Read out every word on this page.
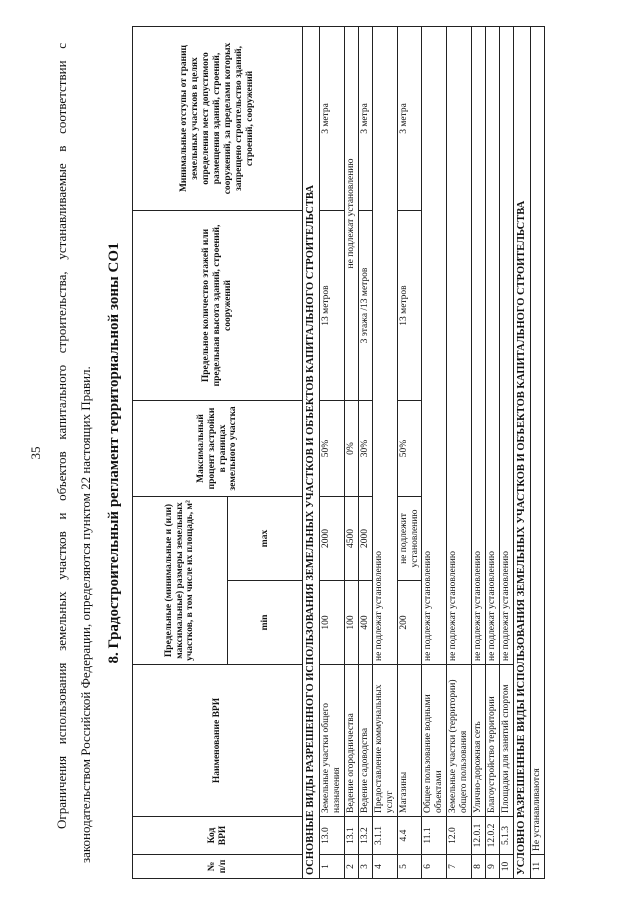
35 Ограничения использования земельных участков и объектов капитального строительства, устанавливаемые в соответствии с законодательством Российской Федерации, определяются пунктом 22 настоящих Правил. 8. Градостроительный регламент территориальной зоны СО1
№ п/п	Код ВРИ	Наименование ВРИ	Предельные (минимальные и (или) максимальные) размеры земельных участков, в том числе их площадь, м²		Максимальный процент застройки в границах земельного участка	Предельное количество этажей или предельная высота зданий, строений, сооружений	Минимальные отступы от границ земельных участков в целях определения мест допустимого размещения зданий, строений, сооружений, за пределами которых запрещено строительство зданий, строений, сооружений
			min	max			
ОСНОВНЫЕ ВИДЫ РАЗРЕШЕННОГО ИСПОЛЬЗОВАНИЯ ЗЕМЕЛЬНЫХ УЧАСТКОВ И ОБЪЕКТОВ КАПИТАЛЬНОГО СТРОИТЕЛЬСТВА							
1	13.0	Земельные участки общего назначения	100	2000	50%	13 метров	3 метра
2	13.1	Ведение огородничества	100	4500	0%	не подлежат установлению	
3	13.2	Ведение садоводства	400	2000	30%	3 этажа /13 метров	3 метра
4	3.1.1	Предоставление коммунальных услуг	не подлежат установлению				
5	4.4	Магазины	200	не подлежит установлению	50%	13 метров	3 метра
6	11.1	Общее пользование водными объектами	не подлежат установлению				
7	12.0	Земельные участки (территории) общего пользования	не подлежат установлению				
8	12.0.1	Улично-дорожная сеть	не подлежат установлению				
9	12.0.2	Благоустройство территории	не подлежат установлению				
10	5.1.3	Площадки для занятий спортом	не подлежат установлению				
УСЛОВНО РАЗРЕШЕННЫЕ ВИДЫ ИСПОЛЬЗОВАНИЯ ЗЕМЕЛЬНЫХ УЧАСТКОВ И ОБЪЕКТОВ КАПИТАЛЬНОГО СТРОИТЕЛЬСТВА							
11	Не устанавливаются						
